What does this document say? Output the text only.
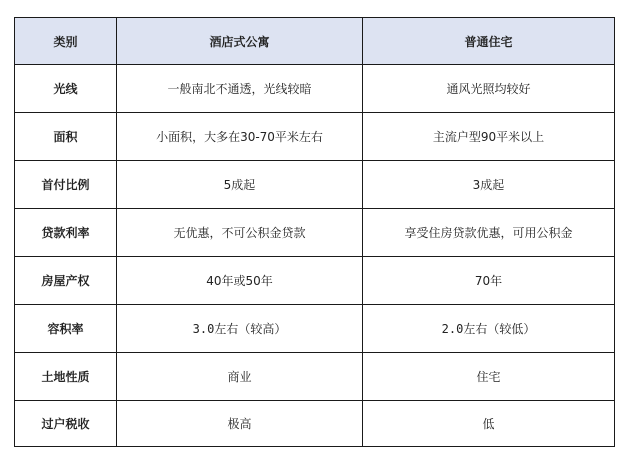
类别	酒店式公寓	普通住宅
光线	一般南北不通透，光线较暗	通风光照均较好
面积	小面积，大多在30-70平米左右	主流户型90平米以上
首付比例	5成起	3成起
贷款利率	无优惠，不可公积金贷款	享受住房贷款优惠，可用公积金
房屋产权	40年或50年	70年
容积率	3.0左右（较高）	2.0左右（较低）
土地性质	商业	住宅
过户税收	极高	低
